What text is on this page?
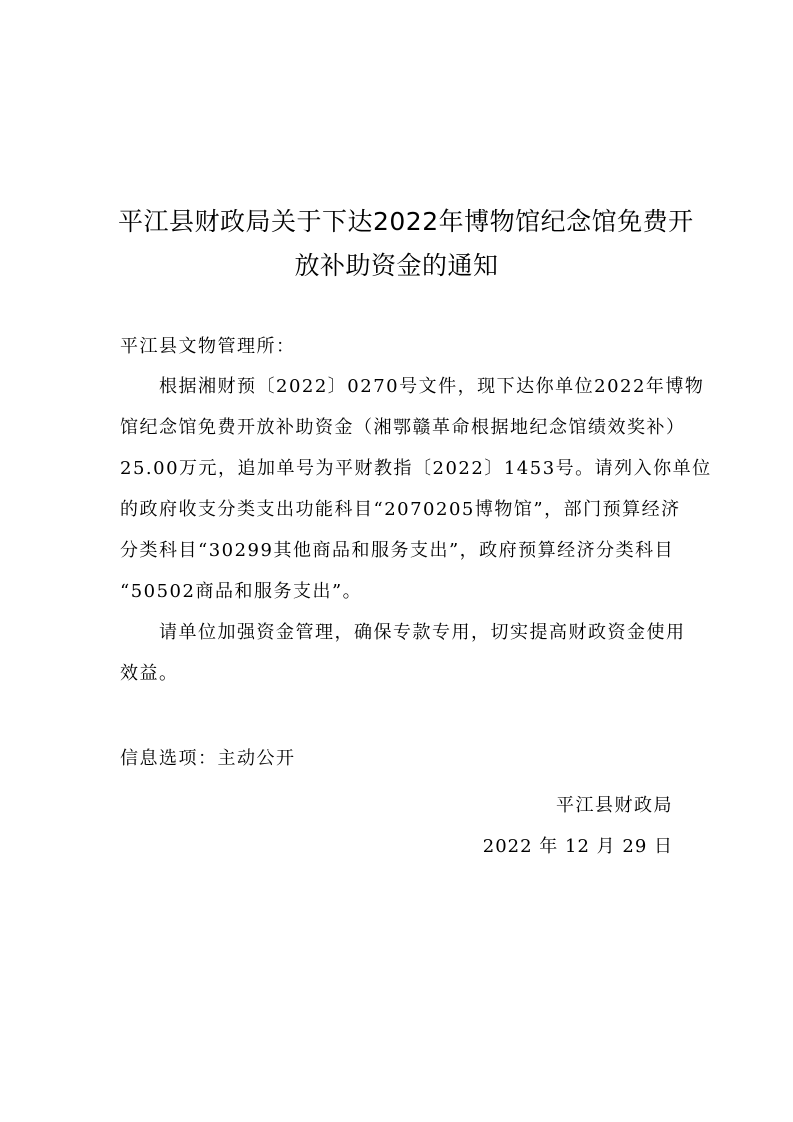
平江县财政局关于下达2022年博物馆纪念馆免费开
放补助资金的通知
平江县文物管理所：
　　根据湘财预〔2022〕0270号文件，现下达你单位2022年博物
馆纪念馆免费开放补助资金（湘鄂赣革命根据地纪念馆绩效奖补）
25.00万元，追加单号为平财教指〔2022〕1453号。请列入你单位
的政府收支分类支出功能科目“2070205博物馆”，部门预算经济
分类科目“30299其他商品和服务支出”，政府预算经济分类科目
“50502商品和服务支出”。
　　请单位加强资金管理，确保专款专用，切实提高财政资金使用
效益。
信息选项：主动公开
平江县财政局
2022 年 12 月 29 日
